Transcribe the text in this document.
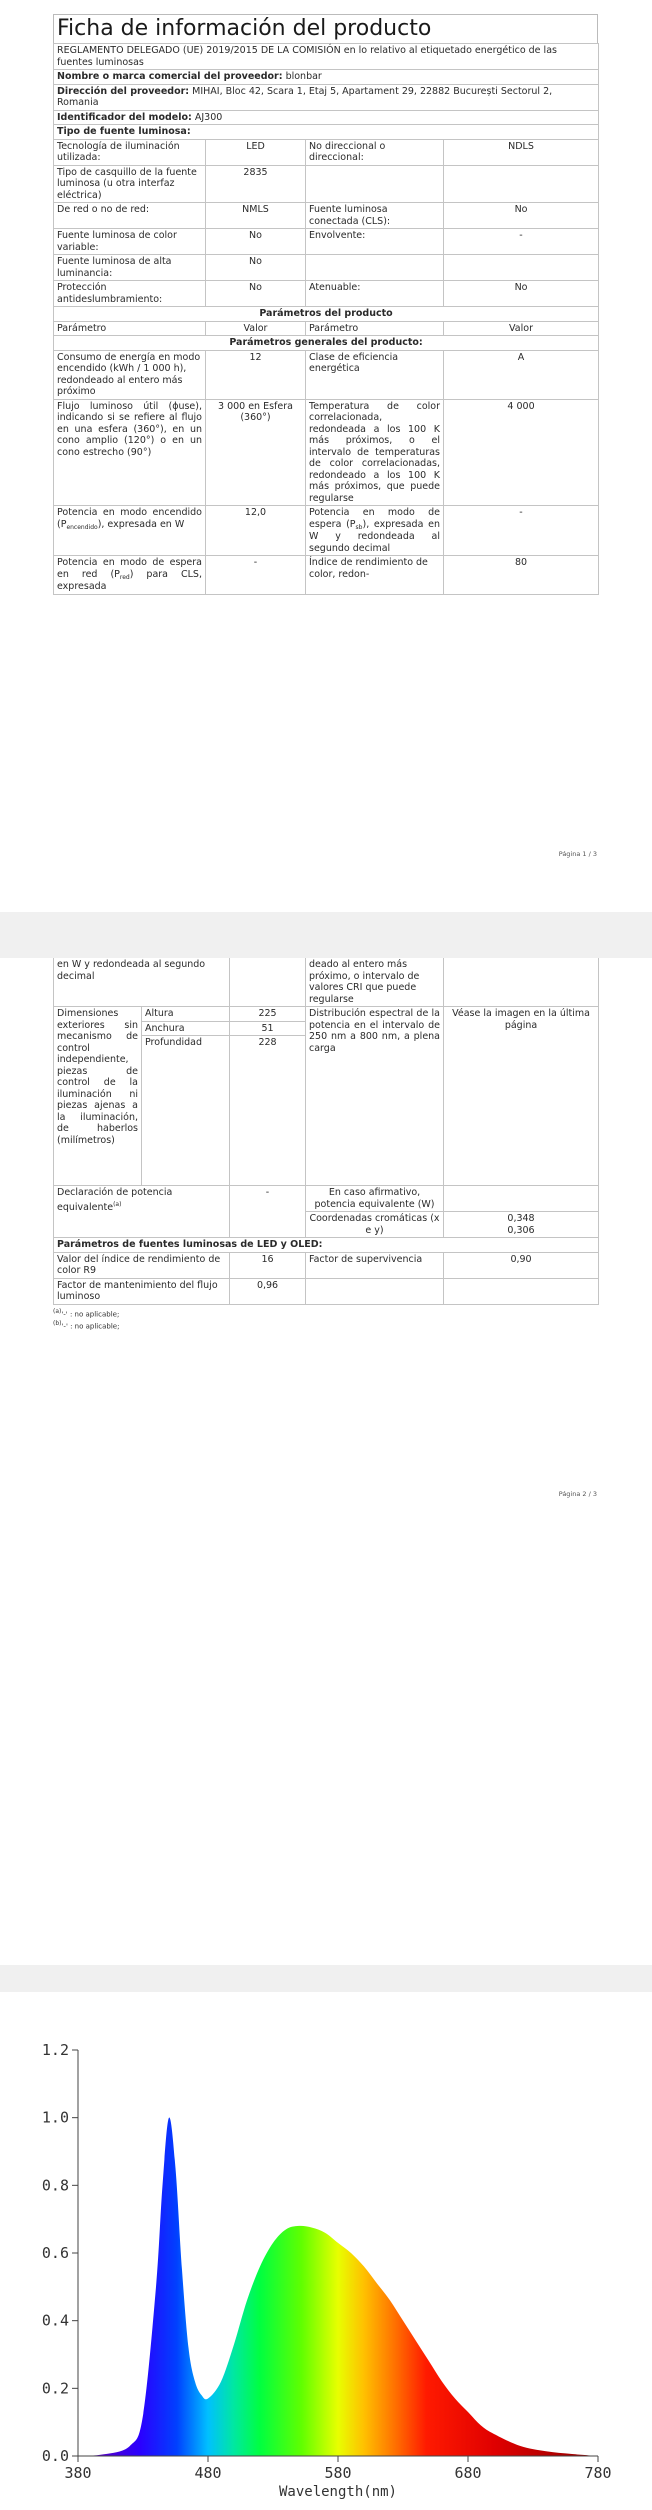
Ficha de información del producto
REGLAMENTO DELEGADO (UE) 2019/2015 DE LA COMISIÓN en lo relativo al etiquetado energético de las fuentes luminosas			
Nombre o marca comercial del proveedor: blonbar			
Dirección del proveedor: MIHAI, Bloc 42, Scara 1, Etaj 5, Apartament 29, 22882 București Sectorul 2, Romania			
Identificador del modelo: AJ300			
Tipo de fuente luminosa:			
Tecnología de iluminación utilizada:	LED	No direccional o direccional:	NDLS
Tipo de casquillo de la fuente luminosa (u otra interfaz eléctrica)	2835		
De red o no de red:	NMLS	Fuente luminosa conectada (CLS):	No
Fuente luminosa de color variable:	No	Envolvente:	-
Fuente luminosa de alta luminancia:	No		
Protección antideslumbramiento:	No	Atenuable:	No
Parámetros del producto			
Parámetro	Valor	Parámetro	Valor
Parámetros generales del producto:			
Consumo de energía en modo encendido (kWh / 1 000 h), redondeado al entero más próximo	12	Clase de eficiencia energética	A
Flujo luminoso útil (ɸuse), indicando si se refiere al flujo en una esfera (360°), en un cono amplio (120°) o en un cono estrecho (90°)	3 000 en Esfera (360°)	Temperatura de color correlacionada, redondeada a los 100 K más próximos, o el intervalo de temperaturas de color correlacionadas, redondeado a los 100 K más próximos, que puede regularse	4 000
Potencia en modo encendido $(P_{encendido})$, expresada en W	12,0	Potencia en modo de espera $(P_{sb})$, expresada en W y redondeada al segundo decimal	-
Potencia en modo de espera en red $(P_{red})$ para CLS, expresada	-	Índice de rendimiento de color, redon-	80
Página 1 / 3
en W y redondeada al segundo decimal			deado al entero más próximo, o intervalo de valores CRI que puede regularse	
Dimensiones exteriores sin mecanismo de control independiente, piezas de control de la iluminación ni piezas ajenas a la iluminación, de haberlos (milímetros)	Altura	225	Distribución espectral de la potencia en el intervalo de 250 nm a 800 nm, a plena carga	Véase la imagen en la última página
	Anchura	51		
	Profundidad	228		
Declaración de potencia equivalente$^{(a)}$		-	En caso afirmativo, potencia equivalente (W)	
			Coordenadas cromáticas (x e y)	0,348
0,306
Parámetros de fuentes luminosas de LED y OLED:				
Valor del índice de rendimiento de color R9		16	Factor de supervivencia	0,90
Factor de mantenimiento del flujo luminoso		0,96		
(a)'-' : no aplicable;
(b)'-' : no aplicable;
Página 2 / 3
0.0
0.2
0.4
0.6
0.8
1.0
1.2
380	480	580	680	780
Wavelength(nm)
